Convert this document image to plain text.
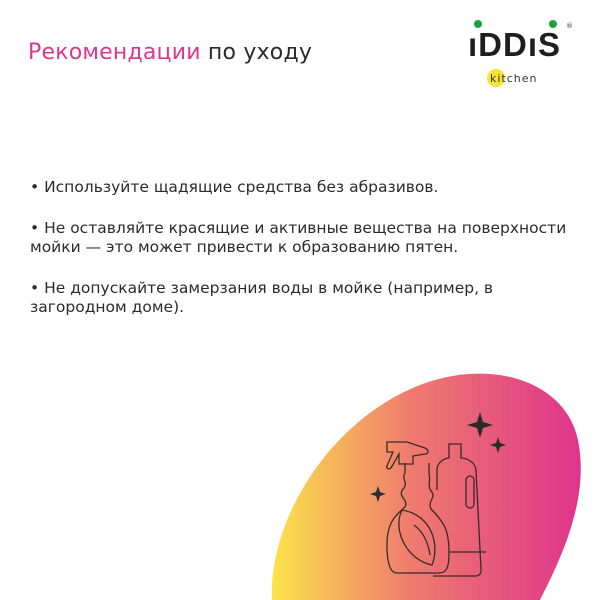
Рекомендации по уходу	ıDDıS ®
kitchen
• Используйте щадящие средства без абразивов.
• Не оставляйте красящие и активные вещества на поверхности мойки — это может привести к образованию пятен.
• Не допускайте замерзания воды в мойке (например, в загородном доме).
